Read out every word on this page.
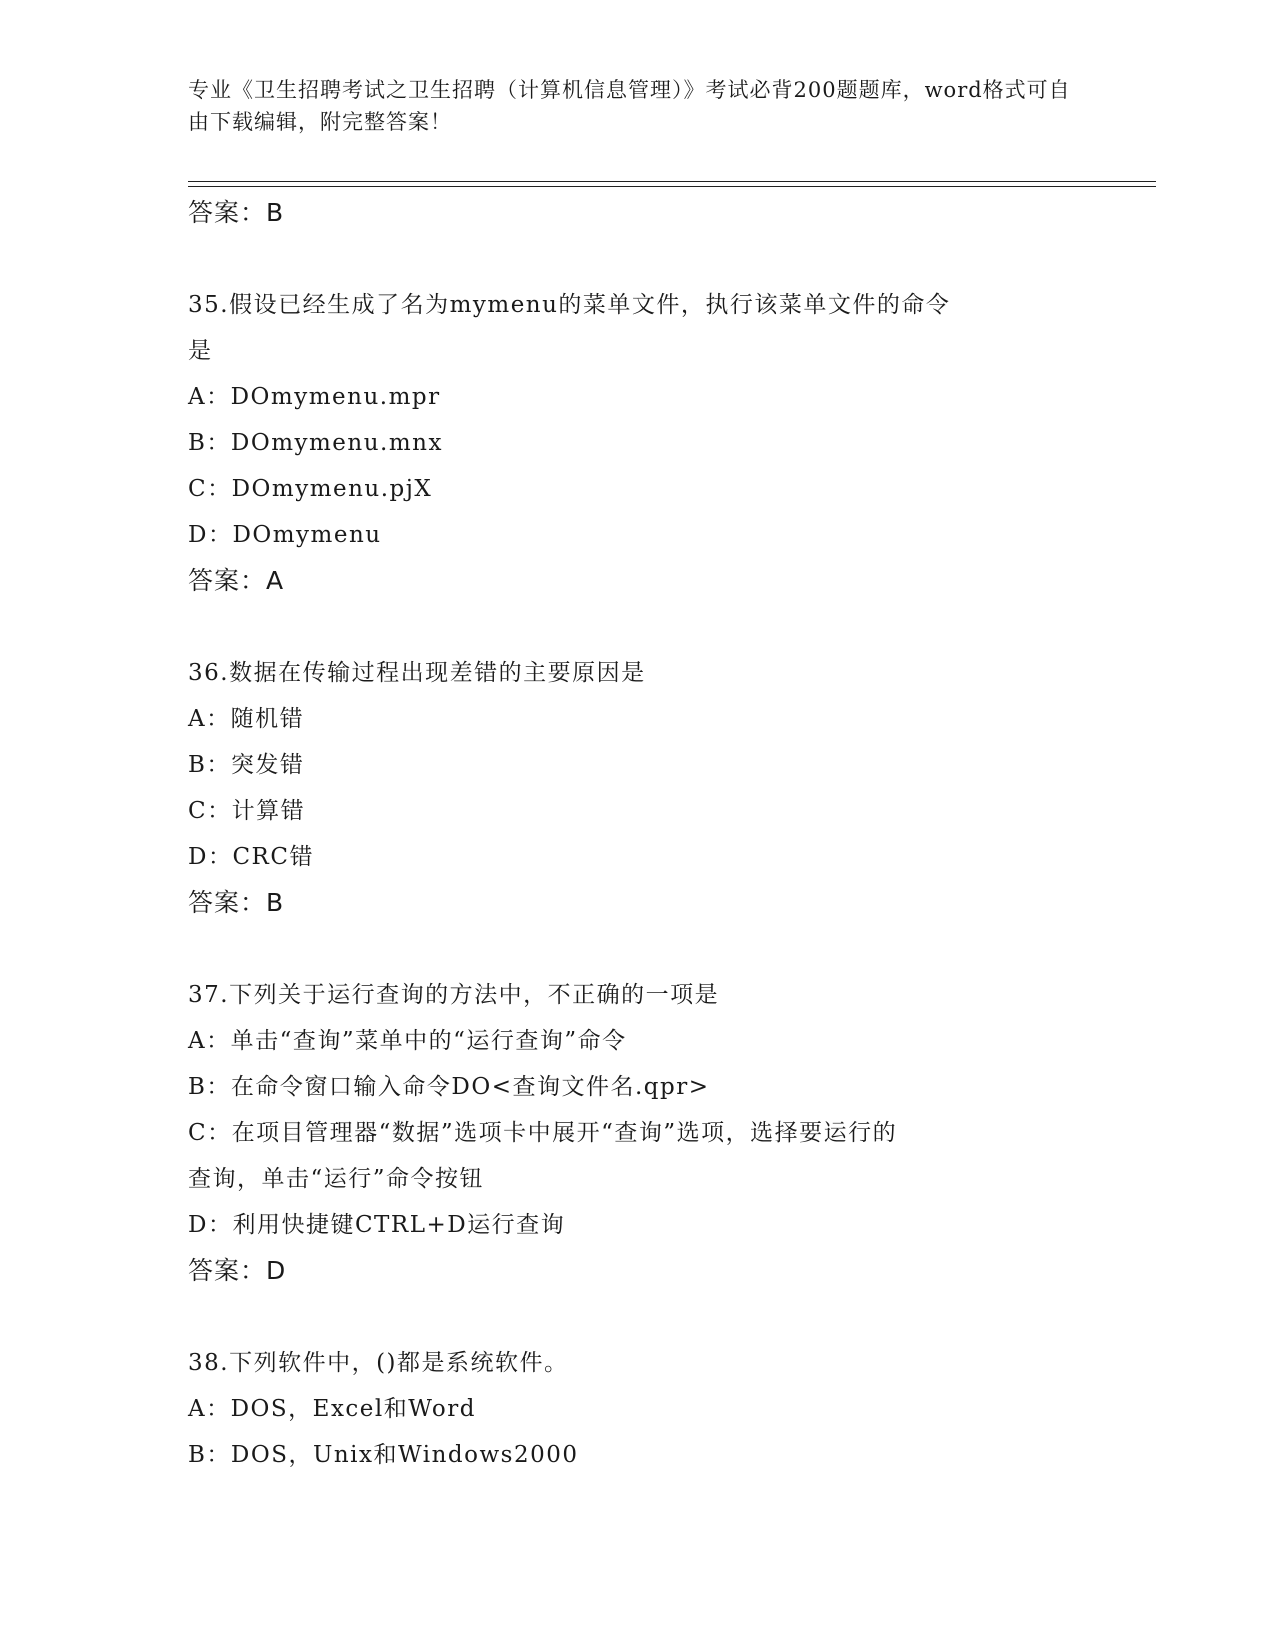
专业《卫生招聘考试之卫生招聘（计算机信息管理）》考试必背200题题库，word格式可自由下载编辑，附完整答案！
答案：B
35.假设已经生成了名为mymenu的菜单文件，执行该菜单文件的命令
是
A：DOmymenu.mpr
B：DOmymenu.mnx
C：DOmymenu.pjX
D：DOmymenu
答案：A
36.数据在传输过程出现差错的主要原因是
A：随机错
B：突发错
C：计算错
D：CRC错
答案：B
37.下列关于运行查询的方法中，不正确的一项是
A：单击“查询”菜单中的“运行查询”命令
B：在命令窗口输入命令DO<查询文件名.qpr>
C：在项目管理器“数据”选项卡中展开“查询”选项，选择要运行的
查询，单击“运行”命令按钮
D：利用快捷键CTRL+D运行查询
答案：D
38.下列软件中，()都是系统软件。
A：DOS，Excel和Word
B：DOS，Unix和Windows2000
